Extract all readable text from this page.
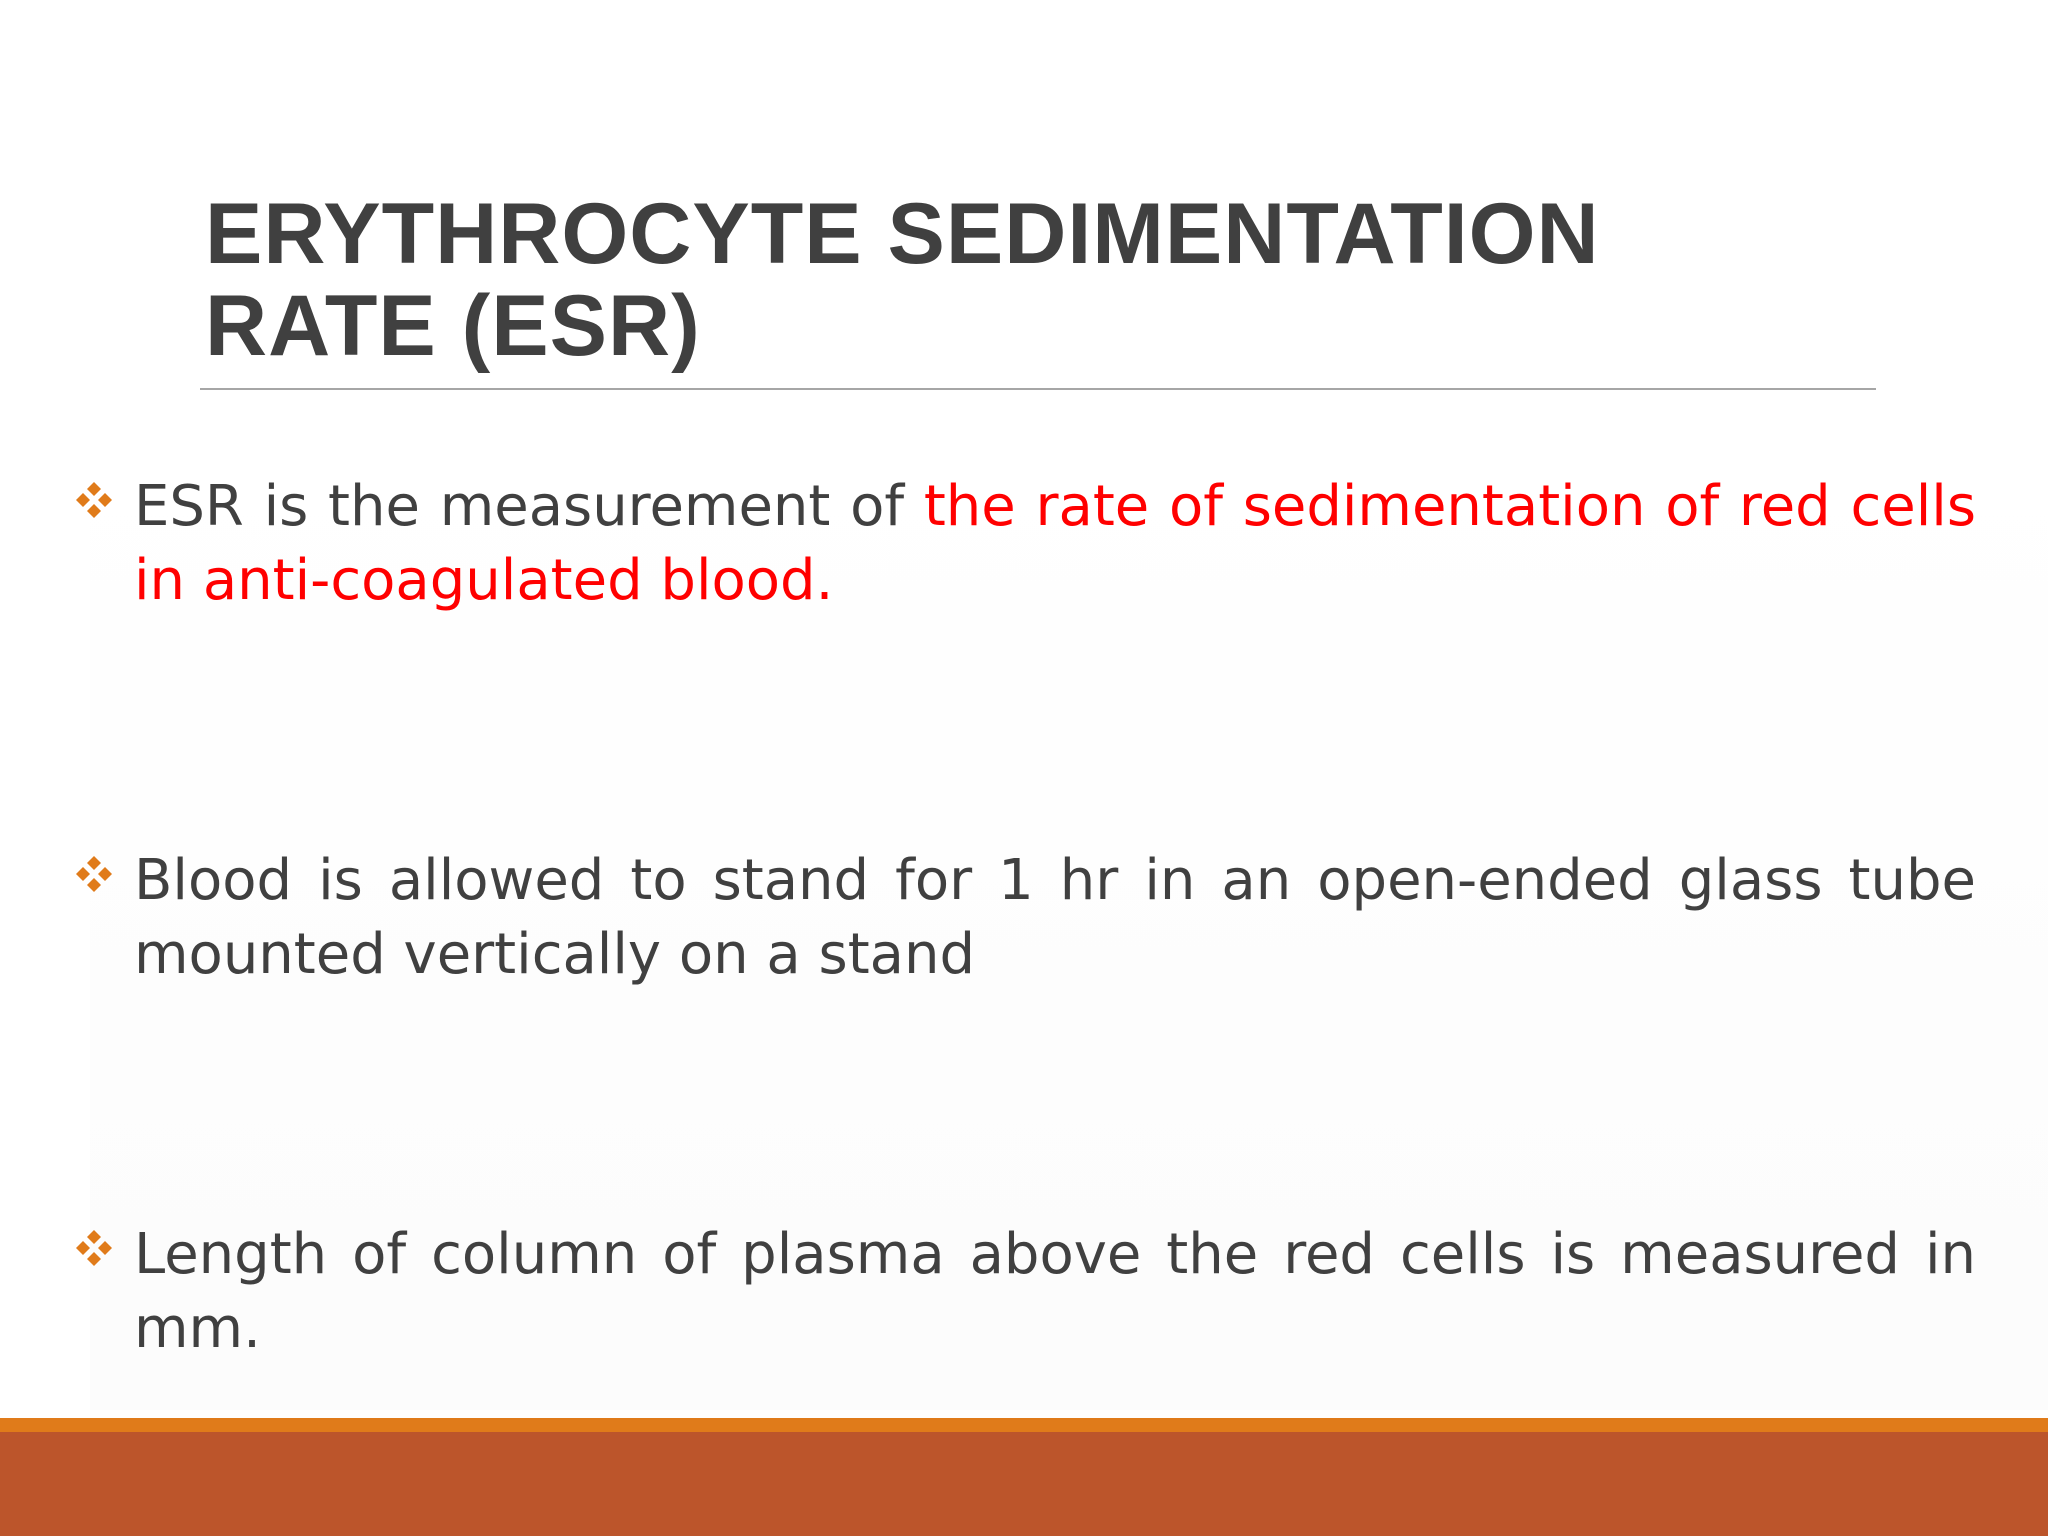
ERYTHROCYTE SEDIMENTATION
RATE (ESR)
ESR is the measurement of the rate of sedimentation of red cells in anti-coagulated blood.
Blood is allowed to stand for 1 hr in an open-ended glass tube mounted vertically on a stand
Length of column of plasma above the red cells is measured in mm.
